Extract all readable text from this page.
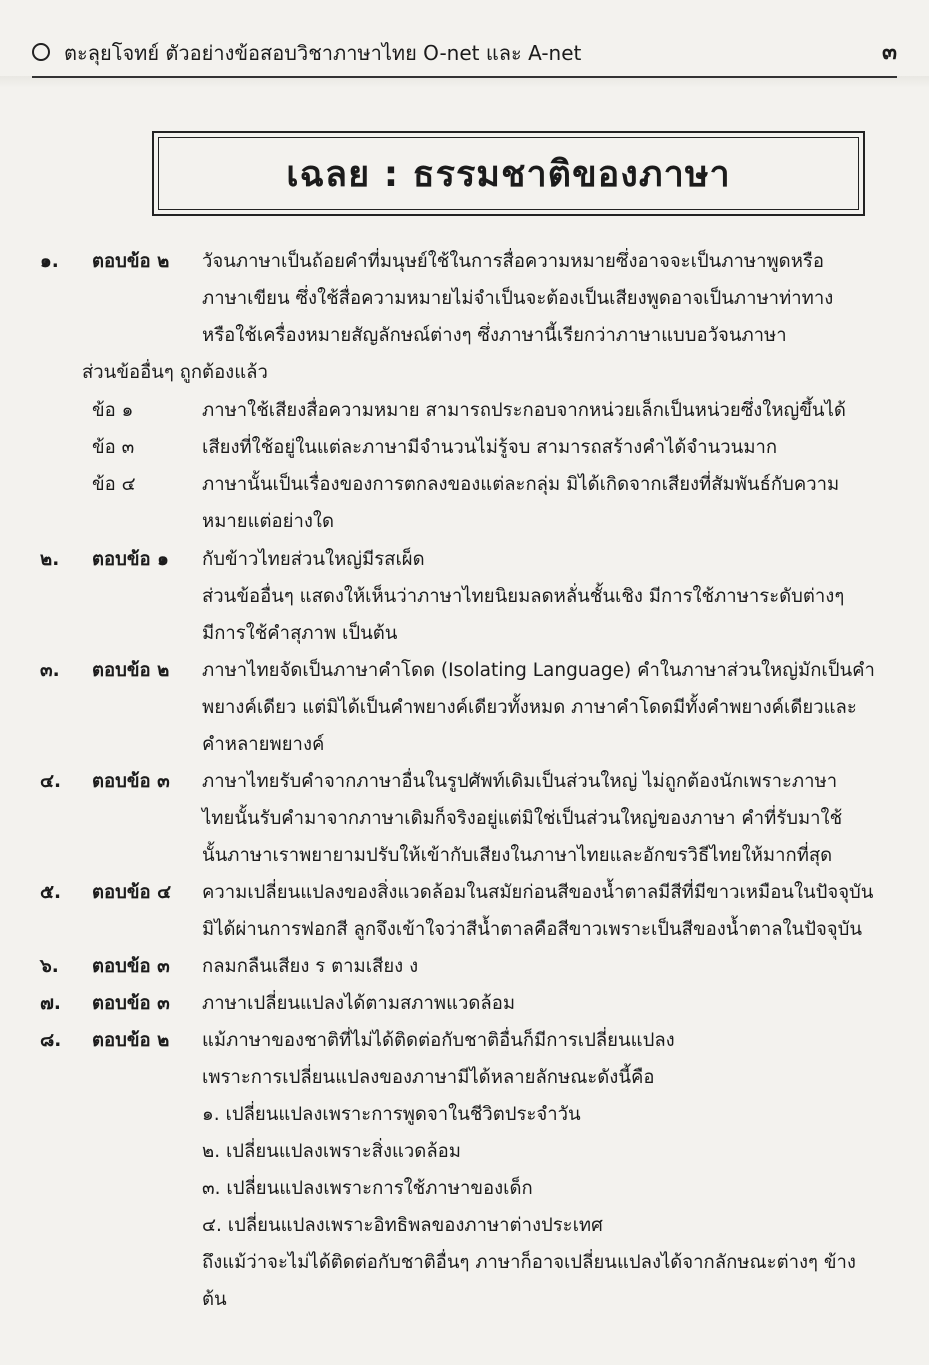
ตะลุยโจทย์ ตัวอย่างข้อสอบวิชาภาษาไทย O-net และ A-net	๓
เฉลย : ธรรมชาติของภาษา
๑. ตอบข้อ ๒ วัจนภาษาเป็นถ้อยคำที่มนุษย์ใช้ในการสื่อความหมายซึ่งอาจจะเป็นภาษาพูดหรือ
ภาษาเขียน ซึ่งใช้สื่อความหมายไม่จำเป็นจะต้องเป็นเสียงพูดอาจเป็นภาษาท่าทาง
หรือใช้เครื่องหมายสัญลักษณ์ต่างๆ ซึ่งภาษานี้เรียกว่าภาษาแบบอวัจนภาษา
ส่วนข้ออื่นๆ ถูกต้องแล้ว
ข้อ ๑	ภาษาใช้เสียงสื่อความหมาย สามารถประกอบจากหน่วยเล็กเป็นหน่วยซึ่งใหญ่ขึ้นได้
ข้อ ๓	เสียงที่ใช้อยู่ในแต่ละภาษามีจำนวนไม่รู้จบ สามารถสร้างคำได้จำนวนมาก
ข้อ ๔	ภาษานั้นเป็นเรื่องของการตกลงของแต่ละกลุ่ม มิได้เกิดจากเสียงที่สัมพันธ์กับความ
หมายแต่อย่างใด
๒. ตอบข้อ ๑ กับข้าวไทยส่วนใหญ่มีรสเผ็ด
ส่วนข้ออื่นๆ แสดงให้เห็นว่าภาษาไทยนิยมลดหลั่นชั้นเชิง มีการใช้ภาษาระดับต่างๆ
มีการใช้คำสุภาพ เป็นต้น
๓. ตอบข้อ ๒ ภาษาไทยจัดเป็นภาษาคำโดด (Isolating Language) คำในภาษาส่วนใหญ่มักเป็นคำ
พยางค์เดียว แต่มิได้เป็นคำพยางค์เดียวทั้งหมด ภาษาคำโดดมีทั้งคำพยางค์เดียวและ
คำหลายพยางค์
๔. ตอบข้อ ๓ ภาษาไทยรับคำจากภาษาอื่นในรูปศัพท์เดิมเป็นส่วนใหญ่ ไม่ถูกต้องนักเพราะภาษา
ไทยนั้นรับคำมาจากภาษาเดิมก็จริงอยู่แต่มิใช่เป็นส่วนใหญ่ของภาษา คำที่รับมาใช้
นั้นภาษาเราพยายามปรับให้เข้ากับเสียงในภาษาไทยและอักขรวิธีไทยให้มากที่สุด
๕. ตอบข้อ ๔ ความเปลี่ยนแปลงของสิ่งแวดล้อมในสมัยก่อนสีของน้ำตาลมีสีที่มีขาวเหมือนในปัจจุบัน
มิได้ผ่านการฟอกสี ลูกจึงเข้าใจว่าสีน้ำตาลคือสีขาวเพราะเป็นสีของน้ำตาลในปัจจุบัน
๖. ตอบข้อ ๓ กลมกลืนเสียง ร ตามเสียง ง
๗. ตอบข้อ ๓ ภาษาเปลี่ยนแปลงได้ตามสภาพแวดล้อม
๘. ตอบข้อ ๒ แม้ภาษาของชาติที่ไม่ได้ติดต่อกับชาติอื่นก็มีการเปลี่ยนแปลง
เพราะการเปลี่ยนแปลงของภาษามีได้หลายลักษณะดังนี้คือ
๑. เปลี่ยนแปลงเพราะการพูดจาในชีวิตประจำวัน
๒. เปลี่ยนแปลงเพราะสิ่งแวดล้อม
๓. เปลี่ยนแปลงเพราะการใช้ภาษาของเด็ก
๔. เปลี่ยนแปลงเพราะอิทธิพลของภาษาต่างประเทศ
ถึงแม้ว่าจะไม่ได้ติดต่อกับชาติอื่นๆ ภาษาก็อาจเปลี่ยนแปลงได้จากลักษณะต่างๆ ข้าง
ต้น
